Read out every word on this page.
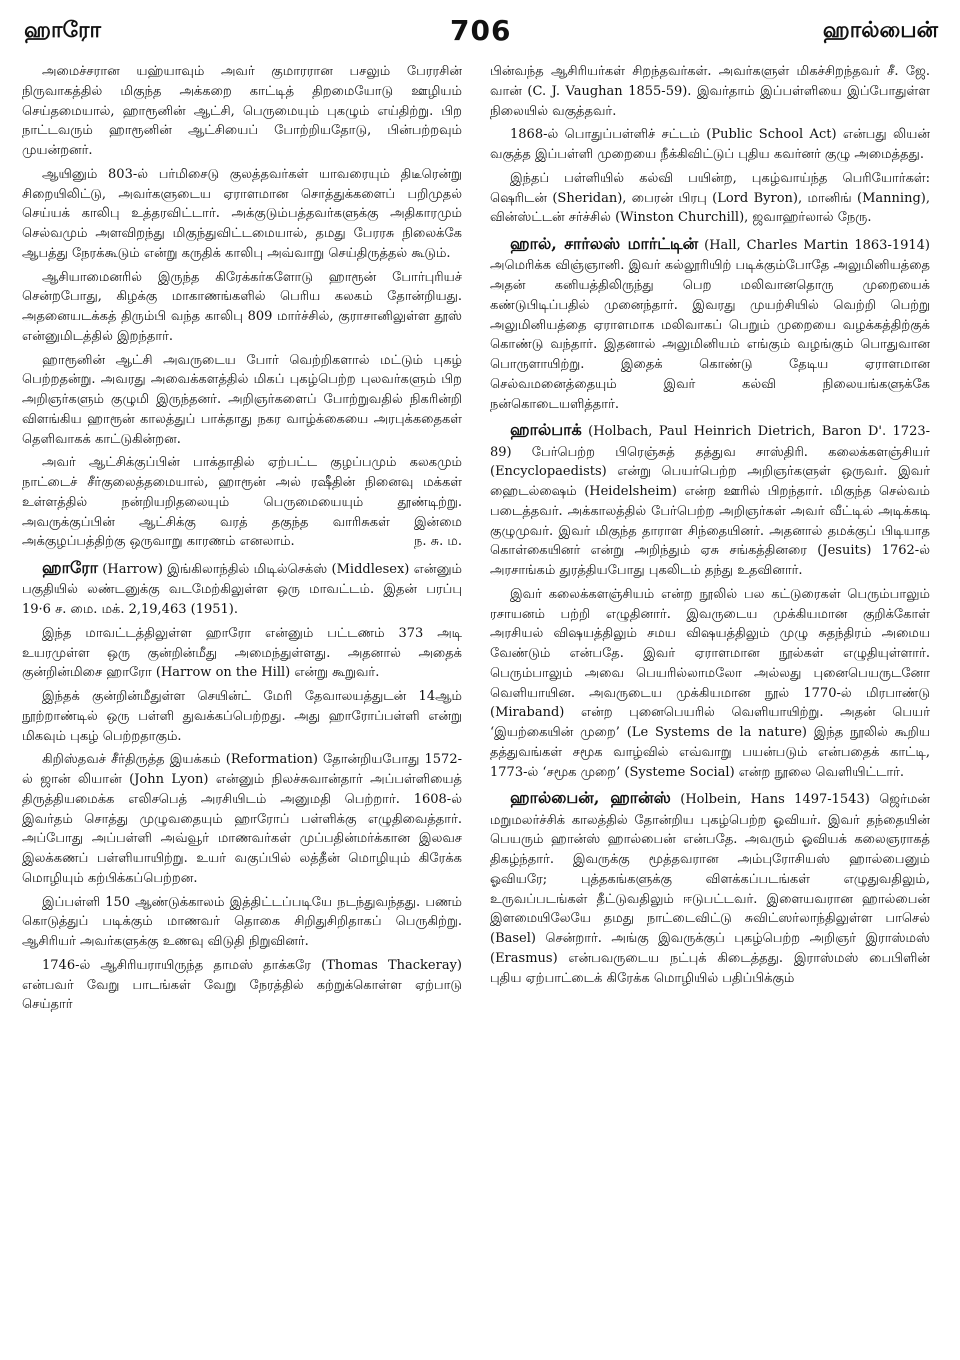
ஹாரோ	706	ஹால்பைன்

அமைச்சரான யஹ்யாவும் அவர் குமாரரான பசலும் பேரரசின் நிருவாகத்தில் மிகுந்த அக்கறை காட்டித் திறமையோடு ஊழியம் செய்தமையால், ஹாரூனின் ஆட்சி, பெருமையும் புகழும் எய்திற்று. பிற நாட்டவரும் ஹாரூனின் ஆட்சியைப் போற்றியதோடு, பின்பற்றவும் முயன்றனர்.

ஆயினும் 803-ல் பர்மிசைடு குலத்தவர்கள் யாவரையும் திடீரென்று சிறையிலிட்டு, அவர்களுடைய ஏராளமான சொத்துக்களைப் பறிமுதல் செய்யக் காலிபு உத்தரவிட்டார். அக்குடும்பத்தவர்களுக்கு அதிகாரமும் செல்வமும் அளவிறந்து மிகுந்துவிட்டமையால், தமது பேரரசு நிலைக்கே ஆபத்து நேரக்கூடும் என்று கருதிக் காலிபு அவ்வாறு செய்திருத்தல் கூடும்.

ஆசியாமைனரில் இருந்த கிரேக்கர்களோடு ஹாரூன் போர்புரியச் சென்றபோது, கிழக்கு மாகாணங்களில் பெரிய கலகம் தோன்றியது. அதனையடக்கத் திரும்பி வந்த காலிபு 809 மார்ச்சில், குராசானிலுள்ள தூஸ் என்னுமிடத்தில் இறந்தார்.

ஹாரூனின் ஆட்சி அவருடைய போர் வெற்றிகளால் மட்டும் புகழ் பெற்றதன்று. அவரது அவைக்களத்தில் மிகப் புகழ்பெற்ற புலவர்களும் பிற அறிஞர்களும் குழுமி இருந்தனர். அறிஞர்களைப் போற்றுவதில் நிகரின்றி விளங்கிய ஹாரூன் காலத்துப் பாக்தாது நகர வாழ்க்கையை அரபுக்கதைகள் தெளிவாகக் காட்டுகின்றன.

அவர் ஆட்சிக்குப்பின் பாக்தாதில் ஏற்பட்ட குழப்பமும் கலகமும் நாட்டைச் சீர்குலைத்தமையால், ஹாரூன் அல் ரஷீதின் நினைவு மக்கள் உள்ளத்தில் நன்றியறிதலையும் பெருமையையும் தூண்டிற்று. அவருக்குப்பின் ஆட்சிக்கு வரத் தகுந்த வாரிசுகள் இன்மை அக்குழப்பத்திற்கு ஒருவாறு காரணம் எனலாம்.	ந. சு. ம.

ஹாரோ (Harrow) இங்கிலாந்தில் மிடில்செக்ஸ் (Middlesex) என்னும் பகுதியில் லண்டனுக்கு வடமேற்கிலுள்ள ஒரு மாவட்டம். இதன் பரப்பு 19·6 ச. மை. மக். 2,19,463 (1951).

இந்த மாவட்டத்திலுள்ள ஹாரோ என்னும் பட்டணம் 373 அடி உயரமுள்ள ஒரு குன்றின்மீது அமைந்துள்ளது. அதனால் அதைக் குன்றின்மிசை ஹாரோ (Harrow on the Hill) என்று கூறுவர்.

இந்தக் குன்றின்மீதுள்ள செயின்ட் மேரி தேவாலயத்துடன் 14ஆம் நூற்றாண்டில் ஒரு பள்ளி துவக்கப்பெற்றது. அது ஹாரோப்பள்ளி என்று மிகவும் புகழ் பெற்றதாகும்.

கிறிஸ்தவச் சீர்திருத்த இயக்கம் (Reformation) தோன்றியபோது 1572-ல் ஜான் லியான் (John Lyon) என்னும் நிலச்சுவான்தார் அப்பள்ளியைத் திருத்தியமைக்க எலிசபெத் அரசியிடம் அனுமதி பெற்றார். 1608-ல் இவர்தம் சொத்து முழுவதையும் ஹாரோப் பள்ளிக்கு எழுதிவைத்தார். அப்போது அப்பள்ளி அவ்வூர் மாணவர்கள் முப்பதின்மர்க்கான இலவச இலக்கணப் பள்ளியாயிற்று. உயர் வகுப்பில் லத்தீன் மொழியும் கிரேக்க மொழியும் கற்பிக்கப்பெற்றன.

இப்பள்ளி 150 ஆண்டுக்காலம் இத்திட்டப்படியே நடந்துவந்தது. பணம் கொடுத்துப் படிக்கும் மாணவர் தொகை சிறிதுசிறிதாகப் பெருகிற்று. ஆசிரியர் அவர்களுக்கு உணவு விடுதி நிறுவினர்.

1746-ல் ஆசிரியராயிருந்த தாமஸ் தாக்கரே (Thomas Thackeray) என்பவர் வேறு பாடங்கள் வேறு நேரத்தில் கற்றுக்கொள்ள ஏற்பாடு செய்தார்

பின்வந்த ஆசிரியர்கள் சிறந்தவர்கள். அவர்களுள் மிகச்சிறந்தவர் சீ. ஜே. வான் (C. J. Vaughan 1855-59). இவர்தாம் இப்பள்ளியை இப்போதுள்ள நிலையில் வகுத்தவர்.

1868-ல் பொதுப்பள்ளிச் சட்டம் (Public School Act) என்பது லியன் வகுத்த இப்பள்ளி முறையை நீக்கிவிட்டுப் புதிய கவர்னர் குழு அமைத்தது.

இந்தப் பள்ளியில் கல்வி பயின்ற, புகழ்வாய்ந்த பெரியோர்கள்: ஷெரிடன் (Sheridan), பைரன் பிரபு (Lord Byron), மானிங் (Manning), வின்ஸ்ட்டன் சர்ச்சில் (Winston Churchill), ஜவாஹர்லால் நேரு.

ஹால், சார்லஸ் மார்ட்டின் (Hall, Charles Martin 1863-1914) அமெரிக்க விஞ்ஞானி. இவர் கல்லூரியிற் படிக்கும்போதே அலுமினியத்தை அதன் கனியத்திலிருந்து பெற மலிவானதொரு முறையைக் கண்டுபிடிப்பதில் முனைந்தார். இவரது முயற்சியில் வெற்றி பெற்று அலுமினியத்தை ஏராளமாக மலிவாகப் பெறும் முறையை வழக்கத்திற்குக் கொண்டு வந்தார். இதனால் அலுமினியம் எங்கும் வழங்கும் பொதுவான பொருளாயிற்று. இதைக் கொண்டு தேடிய ஏராளமான செல்வமனைத்தையும் இவர் கல்வி நிலையங்களுக்கே நன்கொடையளித்தார்.

ஹால்பாக் (Holbach, Paul Heinrich Dietrich, Baron D'. 1723-89) பேர்பெற்ற பிரெஞ்சுத் தத்துவ சாஸ்திரி. கலைக்களஞ்சியர் (Encyclopaedists) என்று பெயர்பெற்ற அறிஞர்களுள் ஒருவர். இவர் ஹைடல்ஷைம் (Heidelsheim) என்ற ஊரில் பிறந்தார். மிகுந்த செல்வம் படைத்தவர். அக்காலத்தில் பேர்பெற்ற அறிஞர்கள் அவர் வீட்டில் அடிக்கடி குழுமுவர். இவர் மிகுந்த தாராள சிந்தையினர். அதனால் தமக்குப் பிடியாத கொள்கையினர் என்று அறிந்தும் ஏசு சங்கத்தினரை (Jesuits) 1762-ல் அரசாங்கம் துரத்தியபோது புகலிடம் தந்து உதவினார்.

இவர் கலைக்களஞ்சியம் என்ற நூலில் பல கட்டுரைகள் பெரும்பாலும் ரசாயனம் பற்றி எழுதினார். இவருடைய முக்கியமான குறிக்கோள் அரசியல் விஷயத்திலும் சமய விஷயத்திலும் முழு சுதந்திரம் அமைய வேண்டும் என்பதே. இவர் ஏராளமான நூல்கள் எழுதியுள்ளார். பெரும்பாலும் அவை பெயரில்லாமலோ அல்லது புனைபெயருடனோ வெளியாயின. அவருடைய முக்கியமான நூல் 1770-ல் மிரபாண்டு (Miraband) என்ற புனைபெயரில் வெளியாயிற்று. அதன் பெயர் ‘இயற்கையின் முறை’ (Le Systems de la nature) இந்த நூலில் கூறிய தத்துவங்கள் சமூக வாழ்வில் எவ்வாறு பயன்படும் என்பதைக் காட்டி, 1773-ல் ‘சமூக முறை’ (Systeme Social) என்ற நூலை வெளியிட்டார்.

ஹால்பைன், ஹான்ஸ் (Holbein, Hans 1497-1543) ஜெர்மன் மறுமலர்ச்சிக் காலத்தில் தோன்றிய புகழ்பெற்ற ஓவியர். இவர் தந்தையின் பெயரும் ஹான்ஸ் ஹால்பைன் என்பதே. அவரும் ஓவியக் கலைஞராகத் திகழ்ந்தார். இவருக்கு மூத்தவரான அம்புரோசியஸ் ஹால்பைனும் ஓவியரே; புத்தகங்களுக்கு விளக்கப்படங்கள் எழுதுவதிலும், உருவப்படங்கள் தீட்டுவதிலும் ஈடுபட்டவர். இளையவரான ஹால்பைன் இளமையிலேயே தமது நாட்டைவிட்டு சுவிட்ஸர்லாந்திலுள்ள பாசெல் (Basel) சென்றார். அங்கு இவருக்குப் புகழ்பெற்ற அறிஞர் இராஸ்மஸ் (Erasmus) என்பவருடைய நட்புக் கிடைத்தது. இராஸ்மஸ் பைபிளின் புதிய ஏற்பாட்டைக் கிரேக்க மொழியில் பதிப்பிக்கும்
